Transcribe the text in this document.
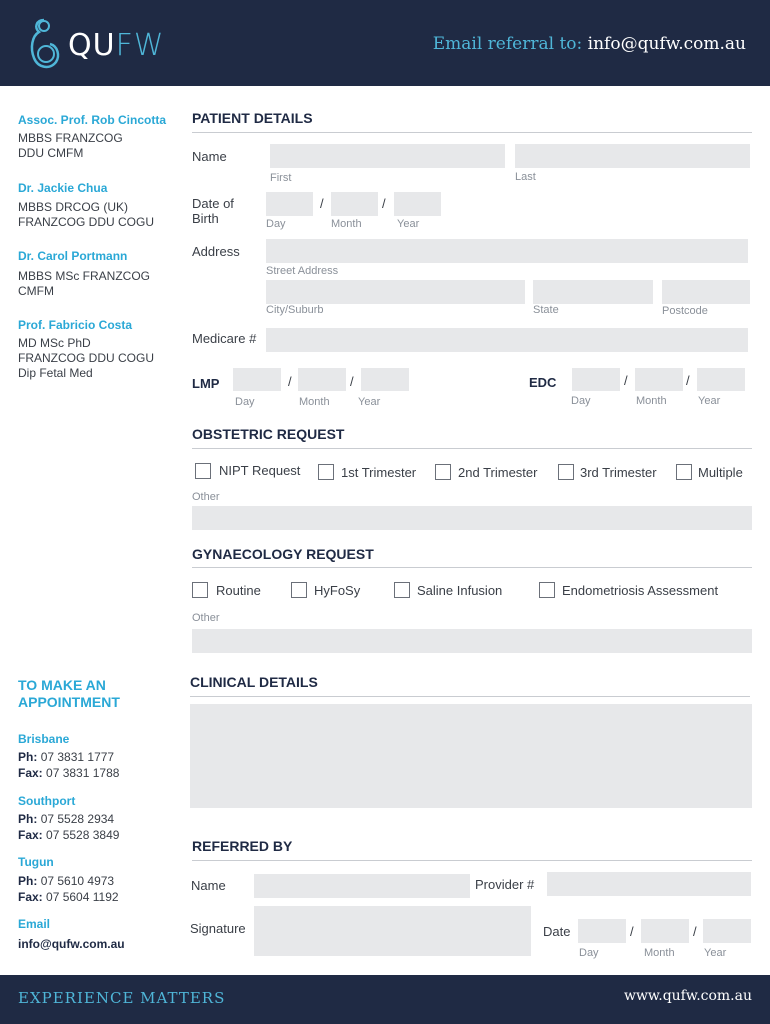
QUFW	Email referral to: info@qufw.com.au
Assoc. Prof. Rob Cincotta
MBBS FRANZCOG
DDU CMFM
Dr. Jackie Chua
MBBS DRCOG (UK)
FRANZCOG DDU COGU
Dr. Carol Portmann
MBBS MSc FRANZCOG
CMFM
Prof. Fabricio Costa
MD MSc PhD
FRANZCOG DDU COGU
Dip Fetal Med
TO MAKE AN
APPOINTMENT
Brisbane
Ph: 07 3831 1777
Fax: 07 3831 1788
Southport
Ph: 07 5528 2934
Fax: 07 5528 3849
Tugun
Ph: 07 5610 4973
Fax: 07 5604 1192
Email
info@qufw.com.au
PATIENT DETAILS
Name
First	Last
Date of
Birth
/	/
Day	Month	Year
Address
Street Address
City/Suburb	State	Postcode
Medicare #
LMP	/	/
Day	Month	Year
EDC	/	/
Day	Month	Year
OBSTETRIC REQUEST
NIPT Request	1st Trimester	2nd Trimester	3rd Trimester	Multiple
Other
GYNAECOLOGY REQUEST
Routine	HyFoSy	Saline Infusion	Endometriosis Assessment
Other
CLINICAL DETAILS
REFERRED BY
Name	Provider #
Signature	Date	/	/
Day	Month	Year
EXPERIENCE MATTERS	www.qufw.com.au
